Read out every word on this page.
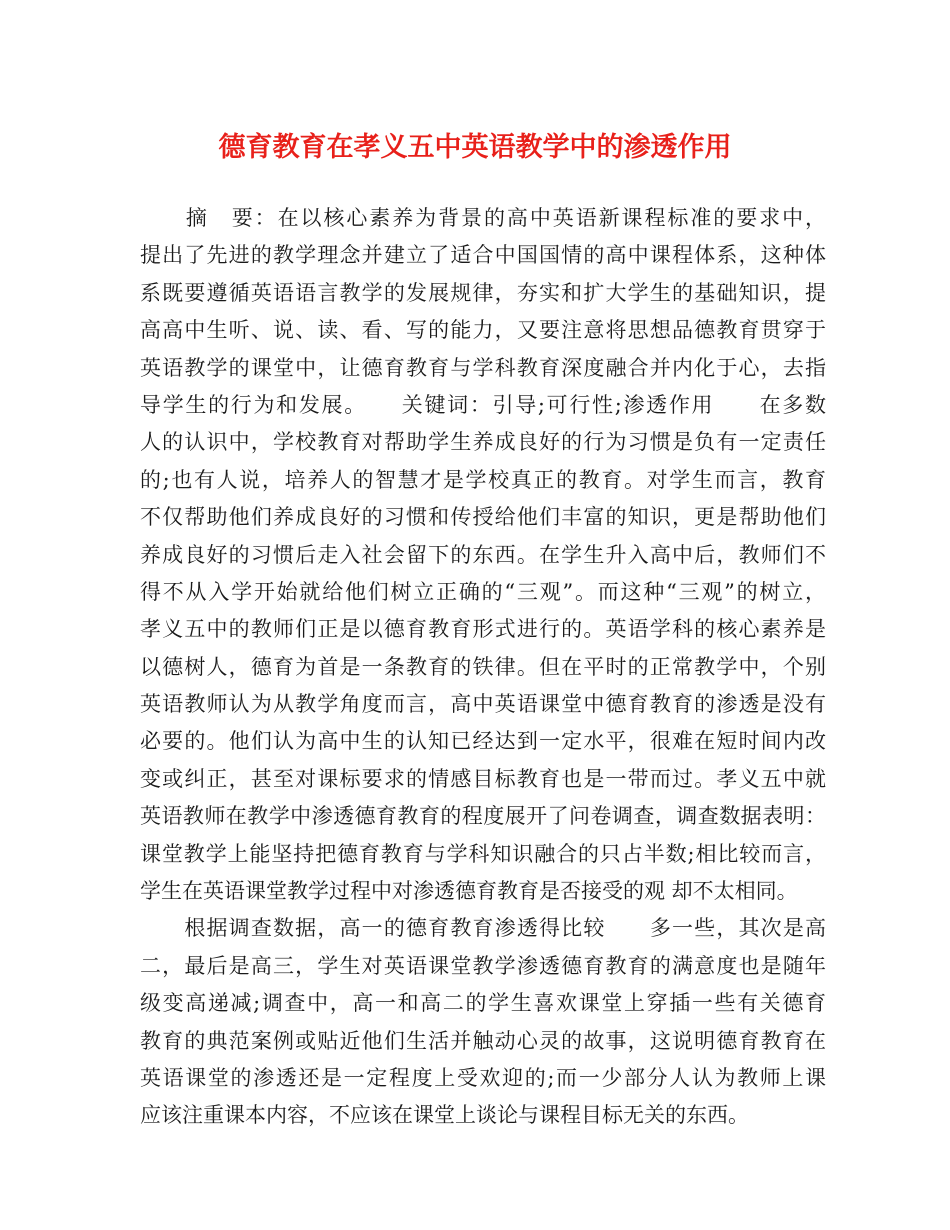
德育教育在孝义五中英语教学中的渗透作用
　　摘　要：在以核心素养为背景的高中英语新课程标准的要求中，
提出了先进的教学理念并建立了适合中国国情的高中课程体系，这种体
系既要遵循英语语言教学的发展规律，夯实和扩大学生的基础知识，提
高高中生听、说、读、看、写的能力，又要注意将思想品德教育贯穿于
英语教学的课堂中，让德育教育与学科教育深度融合并内化于心，去指
导学生的行为和发展。　　关键词：引导;可行性;渗透作用　　在多数
人的认识中，学校教育对帮助学生养成良好的行为习惯是负有一定责任
的;也有人说，培养人的智慧才是学校真正的教育。对学生而言，教育
不仅帮助他们养成良好的习惯和传授给他们丰富的知识，更是帮助他们
养成良好的习惯后走入社会留下的东西。在学生升入高中后，教师们不
得不从入学开始就给他们树立正确的“三观”。而这种“三观”的树立，
孝义五中的教师们正是以德育教育形式进行的。英语学科的核心素养是
以德树人，德育为首是一条教育的铁律。但在平时的正常教学中，个别
英语教师认为从教学角度而言，高中英语课堂中德育教育的渗透是没有
必要的。他们认为高中生的认知已经达到一定水平，很难在短时间内改
变或纠正，甚至对课标要求的情感目标教育也是一带而过。孝义五中就
英语教师在教学中渗透德育教育的程度展开了问卷调查，调查数据表明：
课堂教学上能坚持把德育教育与学科知识融合的只占半数;相比较而言，
学生在英语课堂教学过程中对渗透德育教育是否接受的观 却不太相同。
　　根据调查数据，高一的德育教育渗透得比较　　多一些，其次是高
二，最后是高三，学生对英语课堂教学渗透德育教育的满意度也是随年
级变高递减;调查中，高一和高二的学生喜欢课堂上穿插一些有关德育
教育的典范案例或贴近他们生活并触动心灵的故事，这说明德育教育在
英语课堂的渗透还是一定程度上受欢迎的;而一少部分人认为教师上课
应该注重课本内容，不应该在课堂上谈论与课程目标无关的东西。
